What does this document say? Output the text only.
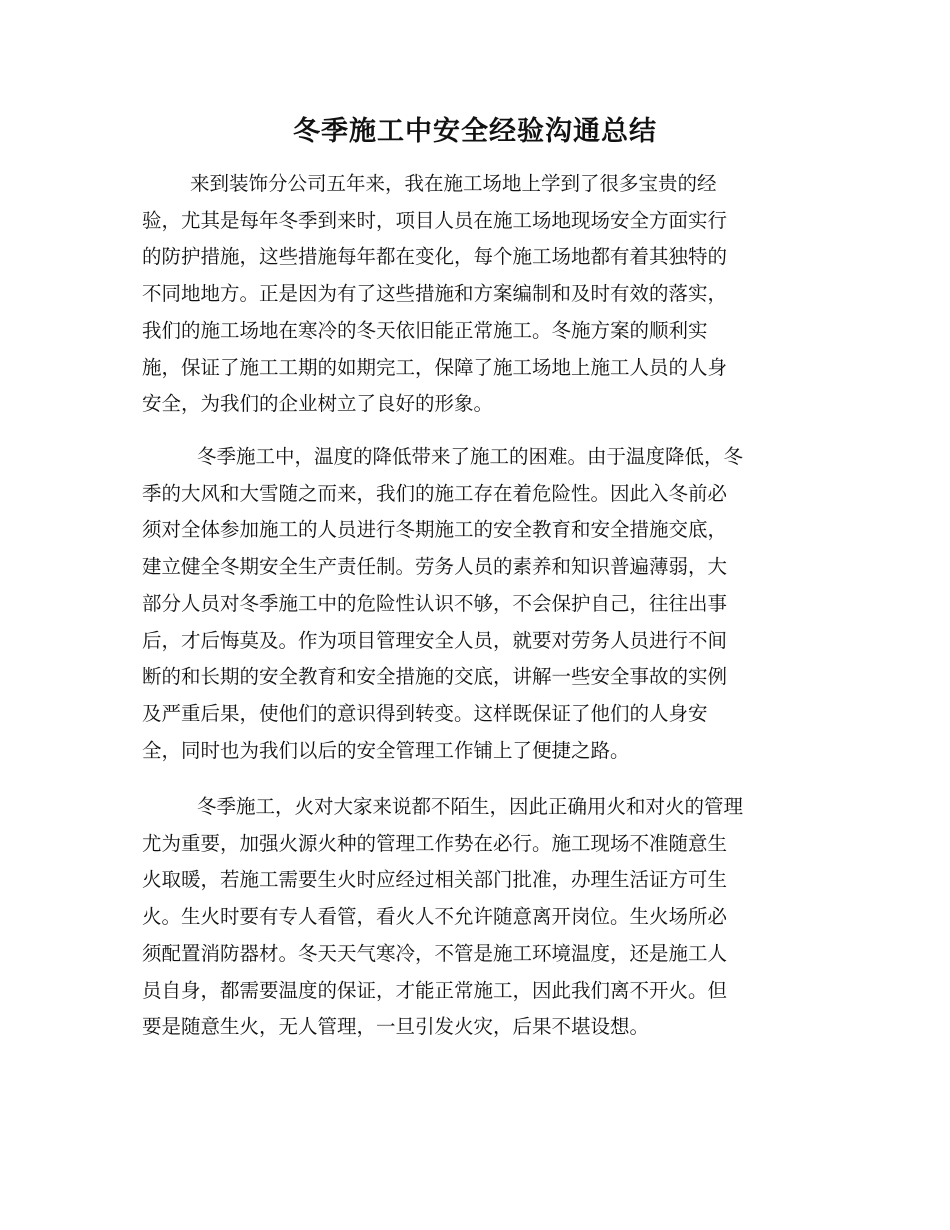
冬季施工中安全经验沟通总结
来到装饰分公司五年来，我在施工场地上学到了很多宝贵的经
验，尤其是每年冬季到来时，项目人员在施工场地现场安全方面实行
的防护措施，这些措施每年都在变化，每个施工场地都有着其独特的
不同地地方。正是因为有了这些措施和方案编制和及时有效的落实，
我们的施工场地在寒冷的冬天依旧能正常施工。冬施方案的顺利实
施，保证了施工工期的如期完工，保障了施工场地上施工人员的人身
安全，为我们的企业树立了良好的形象。
冬季施工中，温度的降低带来了施工的困难。由于温度降低，冬
季的大风和大雪随之而来，我们的施工存在着危险性。因此入冬前必
须对全体参加施工的人员进行冬期施工的安全教育和安全措施交底，
建立健全冬期安全生产责任制。劳务人员的素养和知识普遍薄弱，大
部分人员对冬季施工中的危险性认识不够，不会保护自己，往往出事
后，才后悔莫及。作为项目管理安全人员，就要对劳务人员进行不间
断的和长期的安全教育和安全措施的交底，讲解一些安全事故的实例
及严重后果，使他们的意识得到转变。这样既保证了他们的人身安
全，同时也为我们以后的安全管理工作铺上了便捷之路。
冬季施工，火对大家来说都不陌生，因此正确用火和对火的管理
尤为重要，加强火源火种的管理工作势在必行。施工现场不准随意生
火取暖，若施工需要生火时应经过相关部门批准，办理生活证方可生
火。生火时要有专人看管，看火人不允许随意离开岗位。生火场所必
须配置消防器材。冬天天气寒冷，不管是施工环境温度，还是施工人
员自身，都需要温度的保证，才能正常施工，因此我们离不开火。但
要是随意生火，无人管理，一旦引发火灾，后果不堪设想。
